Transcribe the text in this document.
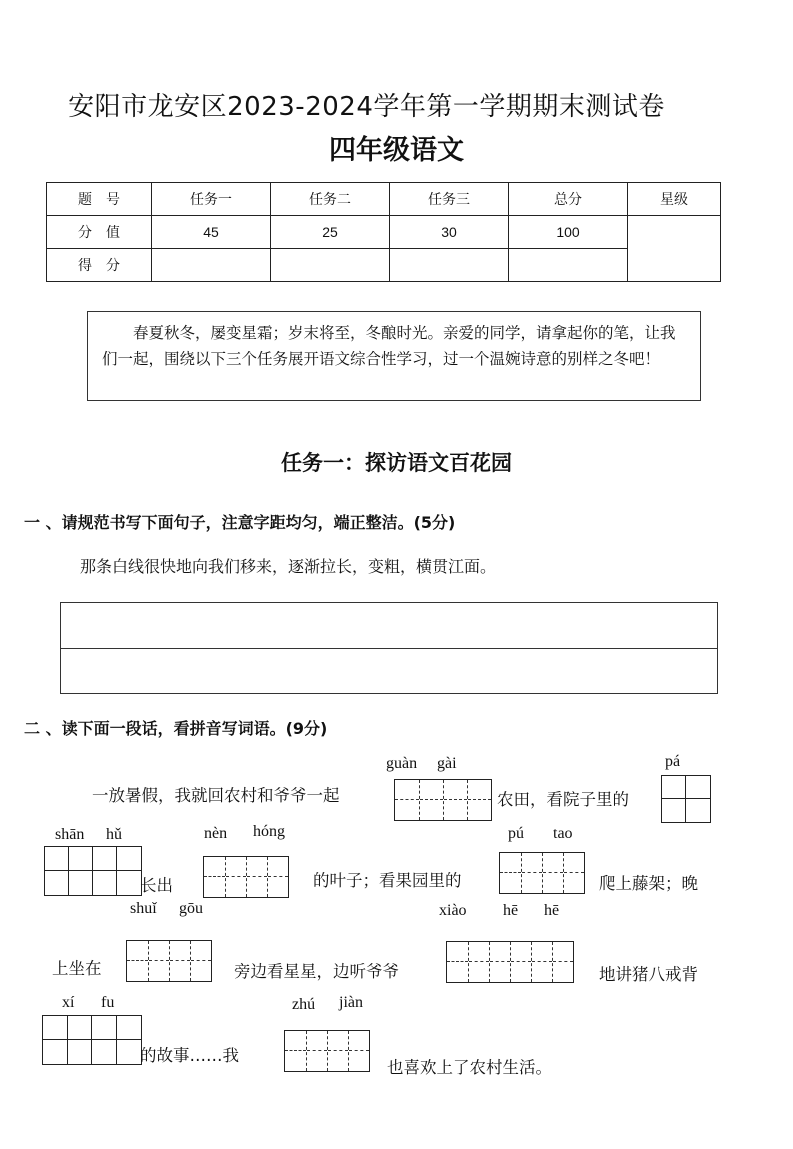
安阳市龙安区2023-2024学年第一学期期末测试卷
四年级语文
题　号	任务一	任务二	任务三	总分	星级
分　值	45	25	30	100	
得　分					

春夏秋冬，屡变星霜；岁末将至，冬酿时光。亲爱的同学，请拿起你的笔，让我们一起，围绕以下三个任务展开语文综合性学习，过一个温婉诗意的别样之冬吧！

任务一：探访语文百花园
一 、请规范书写下面句子，注意字距均匀，端正整洁。(5分)
那条白线很快地向我们移来，逐渐拉长，变粗，横贯江面。
二 、读下面一段话，看拼音写词语。(9分)
guàn gài	pá
一放暑假，我就回农村和爷爷一起	农田，看院子里的
shān hǔ	nèn hóng	pú tao
长出	的叶子；看果园里的	爬上藤架；晚
shuǐ gōu	xiào hē hē
上坐在	旁边看星星，边听爷爷	地讲猪八戒背
xí fu	zhú jiàn
的故事……我
也喜欢上了农村生活。
